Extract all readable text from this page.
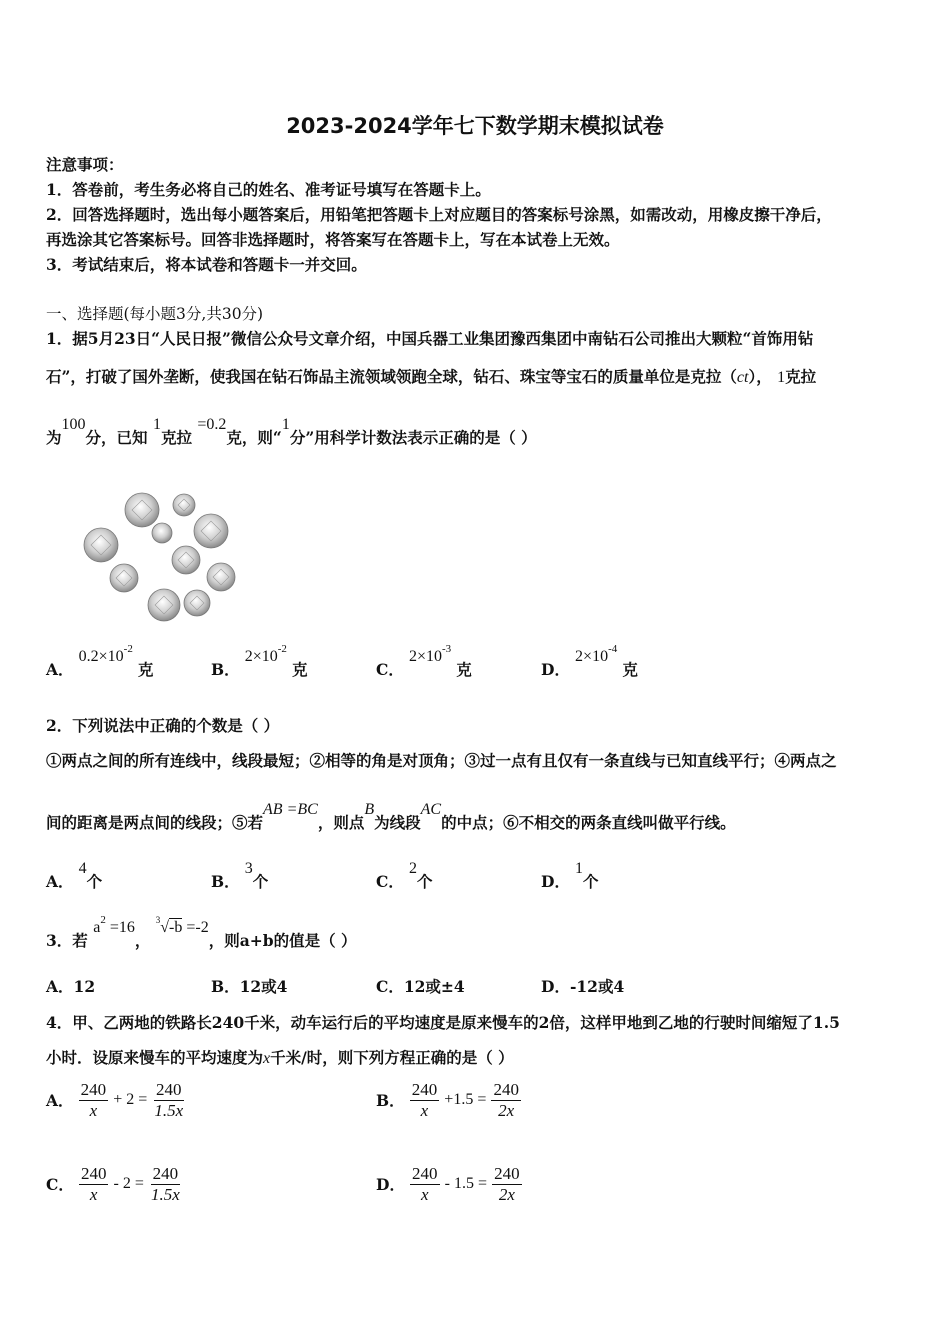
2023-2024学年七下数学期末模拟试卷
注意事项：
1．答卷前，考生务必将自己的姓名、准考证号填写在答题卡上。
2．回答选择题时，选出每小题答案后，用铅笔把答题卡上对应题目的答案标号涂黑，如需改动，用橡皮擦干净后，
再选涂其它答案标号。回答非选择题时，将答案写在答题卡上，写在本试卷上无效。
3．考试结束后，将本试卷和答题卡一并交回。
一、选择题(每小题3分,共30分)
1．据5月23日“人民日报”微信公众号文章介绍，中国兵器工业集团豫西集团中南钻石公司推出大颗粒“首饰用钻
石”，打破了国外垄断，使我国在钻石饰品主流领域领跑全球，钻石、珠宝等宝石的质量单位是克拉（ct）， 1克拉
为100分，已知 1克拉 =0.2克，则“1分”用科学计数法表示正确的是（ ）
A． $0.2\times 10^{-2}$ 克	B． $2\times 10^{-2}$ 克	C． $2\times 10^{-3}$ 克	D． $2\times 10^{-4}$ 克
2．下列说法中正确的个数是（ ）
①两点之间的所有连线中，线段最短；②相等的角是对顶角；③过一点有且仅有一条直线与已知直线平行；④两点之
间的距离是两点间的线段；⑤若AB =BC，则点B为线段AC的中点；⑥不相交的两条直线叫做平行线。
A． 4个	B． 3个	C． 2个	D． 1个
3．若 $a^2 =16$， $^3$√-b =-2，则a+b的值是（ ）
A．12	B．12或4	C．12或±4	D．-12或4
4．甲、乙两地的铁路长240千米，动车运行后的平均速度是原来慢车的2倍，这样甲地到乙地的行驶时间缩短了1.5
小时．设原来慢车的平均速度为x千米/时，则下列方程正确的是（ ）
A． $\frac{240}{x} + 2 = \frac{240}{1.5x}$	B． $\frac{240}{x} +1.5 = \frac{240}{2x}$
C． $\frac{240}{x} - 2 = \frac{240}{1.5x}$	D． $\frac{240}{x} - 1.5 = \frac{240}{2x}$
